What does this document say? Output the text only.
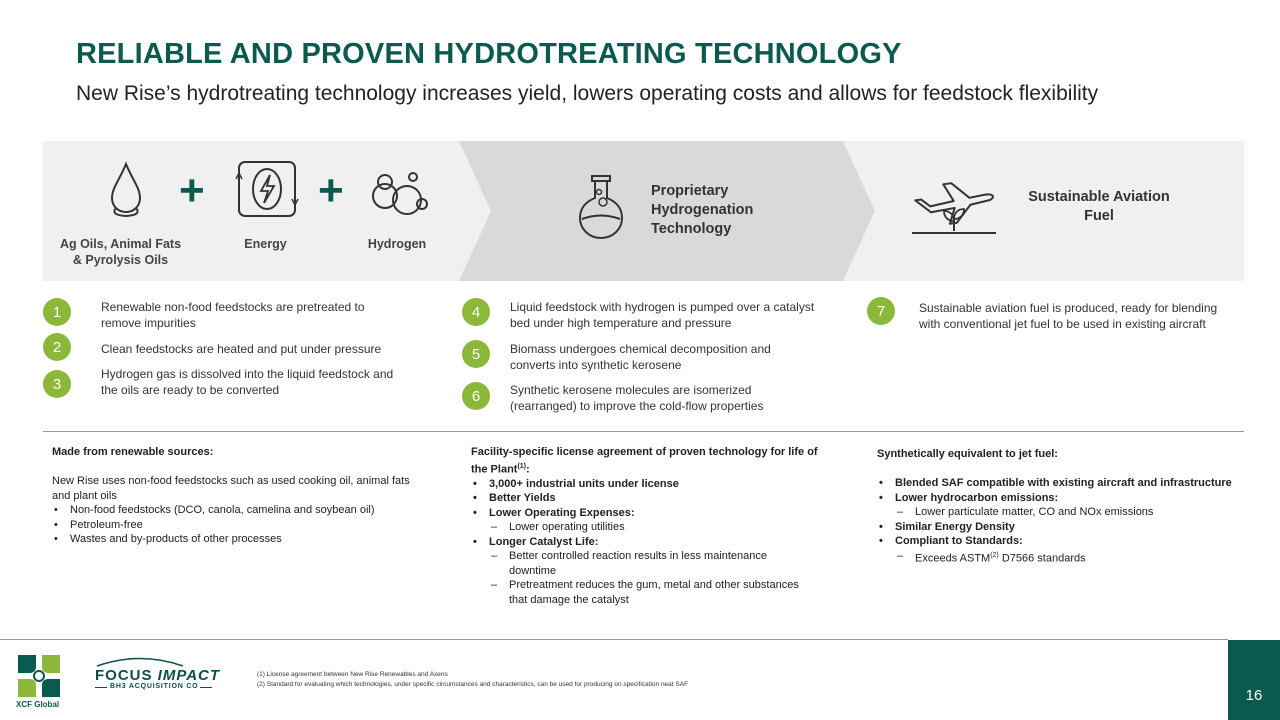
RELIABLE AND PROVEN HYDROTREATING TECHNOLOGY
New Rise’s hydrotreating technology increases yield, lowers operating costs and allows for feedstock flexibility
Ag Oils, Animal Fats
& Pyrolysis Oils
+
Energy
+
Hydrogen
Proprietary
Hydrogenation
Technology
Sustainable Aviation
Fuel
1	Renewable non-food feedstocks are pretreated to
remove impurities
2	Clean feedstocks are heated and put under pressure
3
Hydrogen gas is dissolved into the liquid feedstock and
the oils are ready to be converted
4	Liquid feedstock with hydrogen is pumped over a catalyst
bed under high temperature and pressure
5	Biomass undergoes chemical decomposition and
converts into synthetic kerosene
6	Synthetic kerosene molecules are isomerized
(rearranged) to improve the cold-flow properties
7	Sustainable aviation fuel is produced, ready for blending
with conventional jet fuel to be used in existing aircraft
Made from renewable sources:
New Rise uses non-food feedstocks such as used cooking oil, animal fats
and plant oils
• Non-food feedstocks (DCO, canola, camelina and soybean oil)
• Petroleum-free
• Wastes and by-products of other processes
Facility-specific license agreement of proven technology for life of
the Plant$^{(1)}$:
• 3,000+ industrial units under license
• Better Yields
• Lower Operating Expenses:
– Lower operating utilities
• Longer Catalyst Life:
– Better controlled reaction results in less maintenance
downtime
– Pretreatment reduces the gum, metal and other substances
that damage the catalyst
Synthetically equivalent to jet fuel:
• Blended SAF compatible with existing aircraft and infrastructure
• Lower hydrocarbon emissions:
– Lower particulate matter, CO and NOx emissions
• Similar Energy Density
• Compliant to Standards:
– Exceeds ASTM$^{(2)}$ D7566 standards
XCF Global
FOCUS IMPACT
BH3 ACQUISITION CO
(1) License agreement between New Rise Renewables and Axens
(2) Standard for evaluating which technologies, under specific circumstances and characteristics, can be used for producing on specification neat SAF
16
